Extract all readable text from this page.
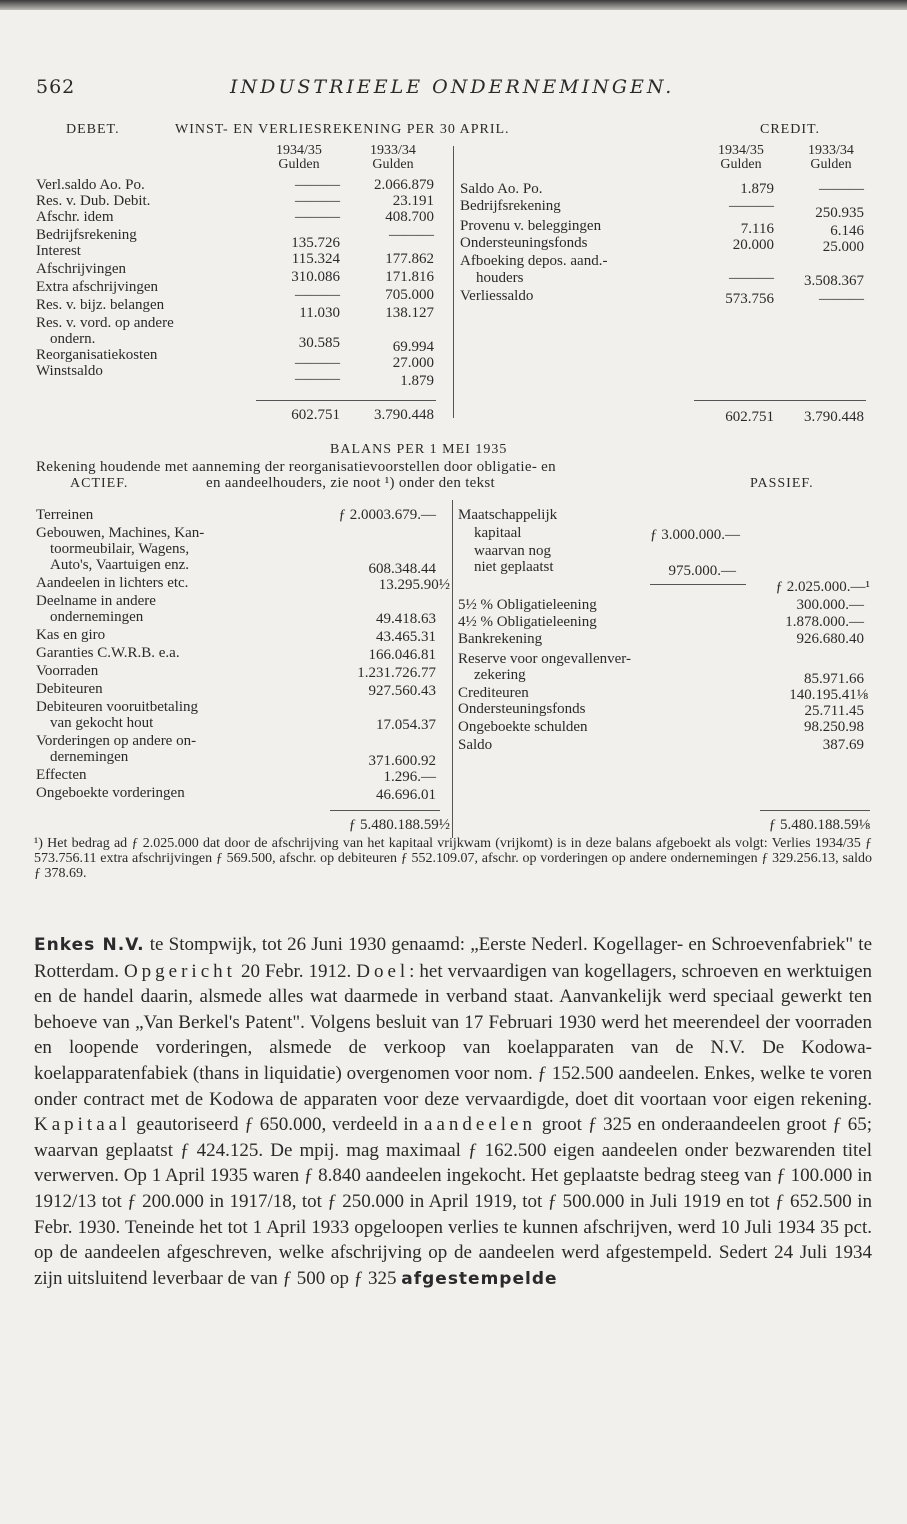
562	INDUSTRIEELE ONDERNEMINGEN.
DEBET.	WINST- EN VERLIESREKENING PER 30 APRIL.	CREDIT.
1934/35
Gulden
1933/34
Gulden
1934/35
Gulden
1933/34
Gulden
Verl.saldo Ao. Po.	———	2.066.879
Res. v. Dub. Debit.	———	23.191
Afschr. idem	———	408.700
Bedrijfsrekening	135.726	———
Interest	115.324	177.862
Afschrijvingen	310.086	171.816
Extra afschrijvingen	———	705.000
Res. v. bijz. belangen	11.030	138.127
Res. v. vord. op andere
ondern.	30.585	69.994
Reorganisatiekosten	———	27.000
Winstsaldo	———	1.879
602.751	3.790.448
Saldo Ao. Po.	1.879	———
Bedrijfsrekening	———	250.935
Provenu v. beleggingen	7.116	6.146
Ondersteuningsfonds	20.000	25.000
Afboeking depos. aand.-
houders	———	3.508.367
Verliessaldo	573.756	———
602.751	3.790.448
BALANS PER 1 MEI 1935
Rekening houdende met aanneming der reorganisatievoorstellen door obligatie- en
ACTIEF.	en aandeelhouders, zie noot ¹) onder den tekst	PASSIEF.
Terreinen	ƒ 2.0003.679.—
Gebouwen, Machines, Kan-
toormeubilair, Wagens,
Auto's, Vaartuigen enz.	608.348.44
Aandeelen in lichters etc.	13.295.90½
Deelname in andere
ondernemingen	49.418.63
Kas en giro	43.465.31
Garanties C.W.R.B. e.a.	166.046.81
Voorraden	1.231.726.77
Debiteuren	927.560.43
Debiteuren vooruitbetaling
van gekocht hout	17.054.37
Vorderingen op andere on-
dernemingen	371.600.92
Effecten	1.296.—
Ongeboekte vorderingen	46.696.01
ƒ 5.480.188.59½
Maatschappelijk
kapitaal	ƒ 3.000.000.—
waarvan nog
niet geplaatst	975.000.—
ƒ 2.025.000.—¹
5½ % Obligatieleening	300.000.—
4½ % Obligatieleening	1.878.000.—
Bankrekening	926.680.40
Reserve voor ongevallenver-
zekering	85.971.66
Crediteuren	140.195.41⅛
Ondersteuningsfonds	25.711.45
Ongeboekte schulden	98.250.98
Saldo	387.69
ƒ 5.480.188.59⅛
¹) Het bedrag ad ƒ 2.025.000 dat door de afschrijving van het kapitaal vrijkwam (vrijkomt) is in deze balans afgeboekt als volgt: Verlies 1934/35 ƒ 573.756.11 extra afschrijvingen ƒ 569.500, afschr. op debiteuren ƒ 552.109.07, afschr. op vorderingen op andere ondernemingen ƒ 329.256.13, saldo ƒ 378.69.

Enkes N.V. te Stompwijk, tot 26 Juni 1930 genaamd: „Eerste Nederl. Kogellager- en Schroevenfabriek" te Rotterdam. Opgericht 20 Febr. 1912. Doel: het vervaardigen van kogellagers, schroeven en werktuigen en de handel daarin, alsmede alles wat daarmede in verband staat. Aanvankelijk werd speciaal gewerkt ten behoeve van „Van Berkel's Patent". Volgens besluit van 17 Februari 1930 werd het meerendeel der voorraden en loopende vorderingen, alsmede de verkoop van koelapparaten van de N.V. De Kodowa-koelapparatenfabiek (thans in liquidatie) overgenomen voor nom. ƒ 152.500 aandeelen. Enkes, welke te voren onder contract met de Kodowa de apparaten voor deze vervaardigde, doet dit voortaan voor eigen rekening. Kapitaal geautoriseerd ƒ 650.000, verdeeld in aandeelen groot ƒ 325 en onderaandeelen groot ƒ 65; waarvan geplaatst ƒ 424.125. De mpij. mag maximaal ƒ 162.500 eigen aandeelen onder bezwarenden titel verwerven. Op 1 April 1935 waren ƒ 8.840 aandeelen ingekocht. Het geplaatste bedrag steeg van ƒ 100.000 in 1912/13 tot ƒ 200.000 in 1917/18, tot ƒ 250.000 in April 1919, tot ƒ 500.000 in Juli 1919 en tot ƒ 652.500 in Febr. 1930. Teneinde het tot 1 April 1933 opgeloopen verlies te kunnen afschrijven, werd 10 Juli 1934 35 pct. op de aandeelen afgeschreven, welke afschrijving op de aandeelen werd afgestempeld. Sedert 24 Juli 1934 zijn uitsluitend leverbaar de van ƒ 500 op ƒ 325 afgestempelde
